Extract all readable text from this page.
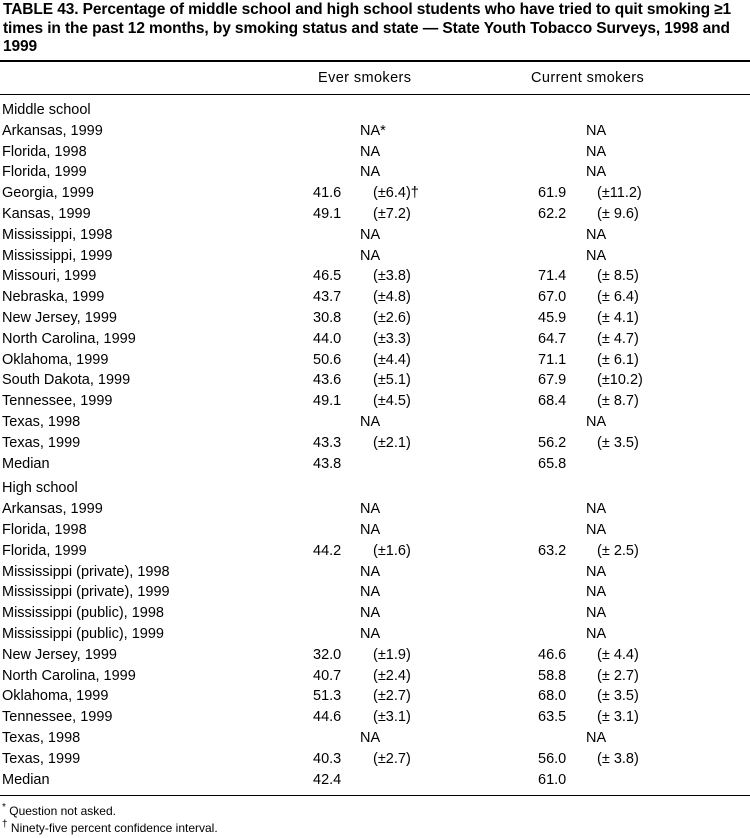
TABLE 43. Percentage of middle school and high school students who have tried to quit smoking ≥1 times in the past 12 months, by smoking status and state — State Youth Tobacco Surveys, 1998 and 1999
Ever smokers	Current smokers
Middle school
Arkansas, 1999	NA*	NA
Florida, 1998	NA	NA
Florida, 1999	NA	NA
Georgia, 1999	41.6	(±6.4)†	61.9	(±11.2)
Kansas, 1999	49.1	(±7.2)	62.2	(± 9.6)
Mississippi, 1998	NA	NA
Mississippi, 1999	NA	NA
Missouri, 1999	46.5	(±3.8)	71.4	(± 8.5)
Nebraska, 1999	43.7	(±4.8)	67.0	(± 6.4)
New Jersey, 1999	30.8	(±2.6)	45.9	(± 4.1)
North Carolina, 1999	44.0	(±3.3)	64.7	(± 4.7)
Oklahoma, 1999	50.6	(±4.4)	71.1	(± 6.1)
South Dakota, 1999	43.6	(±5.1)	67.9	(±10.2)
Tennessee, 1999	49.1	(±4.5)	68.4	(± 8.7)
Texas, 1998	NA	NA
Texas, 1999	43.3	(±2.1)	56.2	(± 3.5)
Median	43.8	65.8
High school
Arkansas, 1999	NA	NA
Florida, 1998	NA	NA
Florida, 1999	44.2	(±1.6)	63.2	(± 2.5)
Mississippi (private), 1998	NA	NA
Mississippi (private), 1999	NA	NA
Mississippi (public), 1998	NA	NA
Mississippi (public), 1999	NA	NA
New Jersey, 1999	32.0	(±1.9)	46.6	(± 4.4)
North Carolina, 1999	40.7	(±2.4)	58.8	(± 2.7)
Oklahoma, 1999	51.3	(±2.7)	68.0	(± 3.5)
Tennessee, 1999	44.6	(±3.1)	63.5	(± 3.1)
Texas, 1998	NA	NA
Texas, 1999	40.3	(±2.7)	56.0	(± 3.8)
Median	42.4	61.0
* Question not asked.
† Ninety-five percent confidence interval.
